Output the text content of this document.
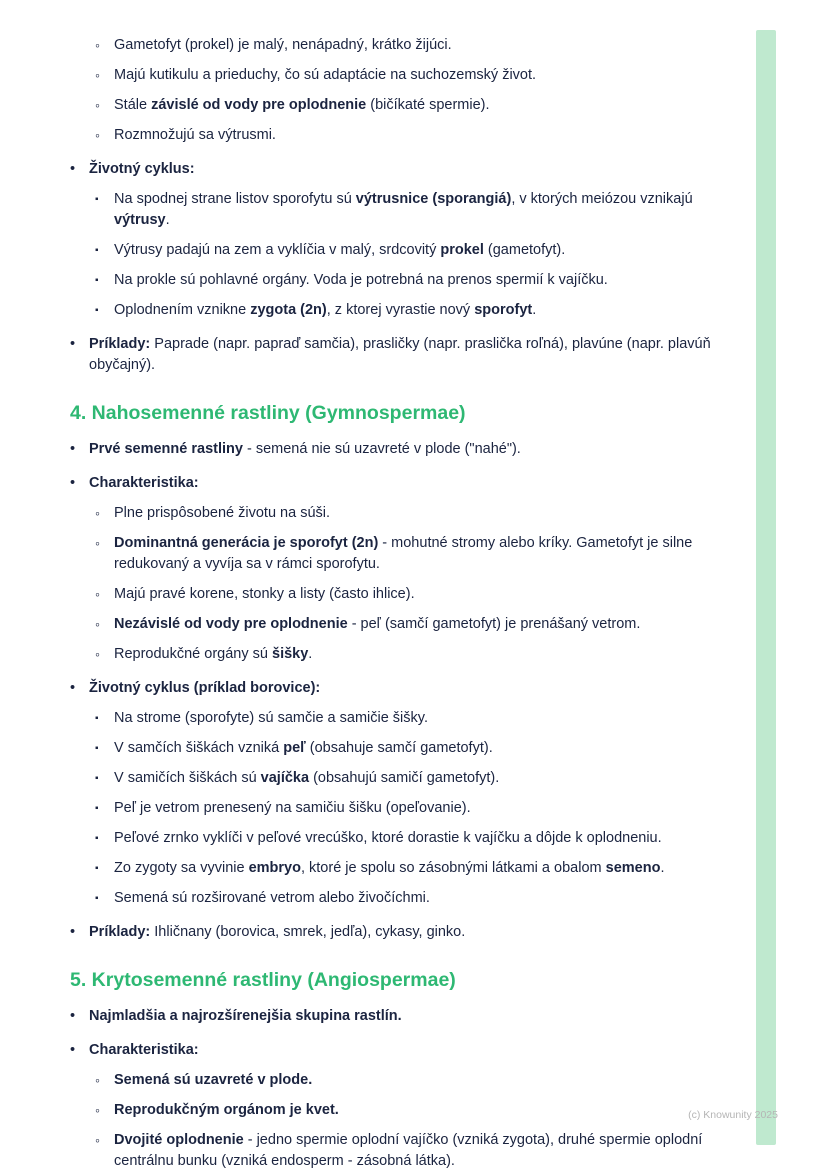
◦ Gametofyt (prokel) je malý, nenápadný, krátko žijúci.
◦ Majú kutikulu a prieduchy, čo sú adaptácie na suchozemský život.
◦ Stále závislé od vody pre oplodnenie (bičíkaté spermie).
◦ Rozmnožujú sa výtrusmi.
• Životný cyklus:
▪	Na spodnej strane listov sporofytu sú výtrusnice (sporangiá), v ktorých meiózou vznikajú výtrusy.
▪	Výtrusy padajú na zem a vyklíčia v malý, srdcovitý prokel (gametofyt).
▪	Na prokle sú pohlavné orgány. Voda je potrebná na prenos spermií k vajíčku.
▪	Oplodnením vznikne zygota (2n), z ktorej vyrastie nový sporofyt.
• Príklady: Paprade (napr. papraď samčia), prasličky (napr. praslička roľná), plavúne (napr. plavúň obyčajný).
4. Nahosemenné rastliny (Gymnospermae)
• Prvé semenné rastliny - semená nie sú uzavreté v plode ("nahé").
• Charakteristika:
◦ Plne prispôsobené životu na súši.
◦ Dominantná generácia je sporofyt (2n) - mohutné stromy alebo kríky. Gametofyt je silne redukovaný a vyvíja sa v rámci sporofytu.
◦ Majú pravé korene, stonky a listy (často ihlice).
◦ Nezávislé od vody pre oplodnenie - peľ (samčí gametofyt) je prenášaný vetrom.
◦ Reprodukčné orgány sú šišky.
• Životný cyklus (príklad borovice):
▪	Na strome (sporofyte) sú samčie a samičie šišky.
▪	V samčích šiškách vzniká peľ (obsahuje samčí gametofyt).
▪	V samičích šiškách sú vajíčka (obsahujú samičí gametofyt).
▪	Peľ je vetrom prenesený na samičiu šišku (opeľovanie).
▪	Peľové zrnko vyklíči v peľové vrecúško, ktoré dorastie k vajíčku a dôjde k oplodneniu.
▪	Zo zygoty sa vyvinie embryo, ktoré je spolu so zásobnými látkami a obalom semeno.
▪	Semená sú rozširované vetrom alebo živočíchmi.
• Príklady: Ihličnany (borovica, smrek, jedľa), cykasy, ginko.
5. Krytosemenné rastliny (Angiospermae)
• Najmladšia a najrozšírenejšia skupina rastlín.
• Charakteristika:
◦ Semená sú uzavreté v plode.
◦ Reprodukčným orgánom je kvet.
◦ Dvojité oplodnenie - jedno spermie oplodní vajíčko (vzniká zygota), druhé spermie oplodní centrálnu bunku (vzniká endosperm - zásobná látka).
(c) Knowunity 2025
